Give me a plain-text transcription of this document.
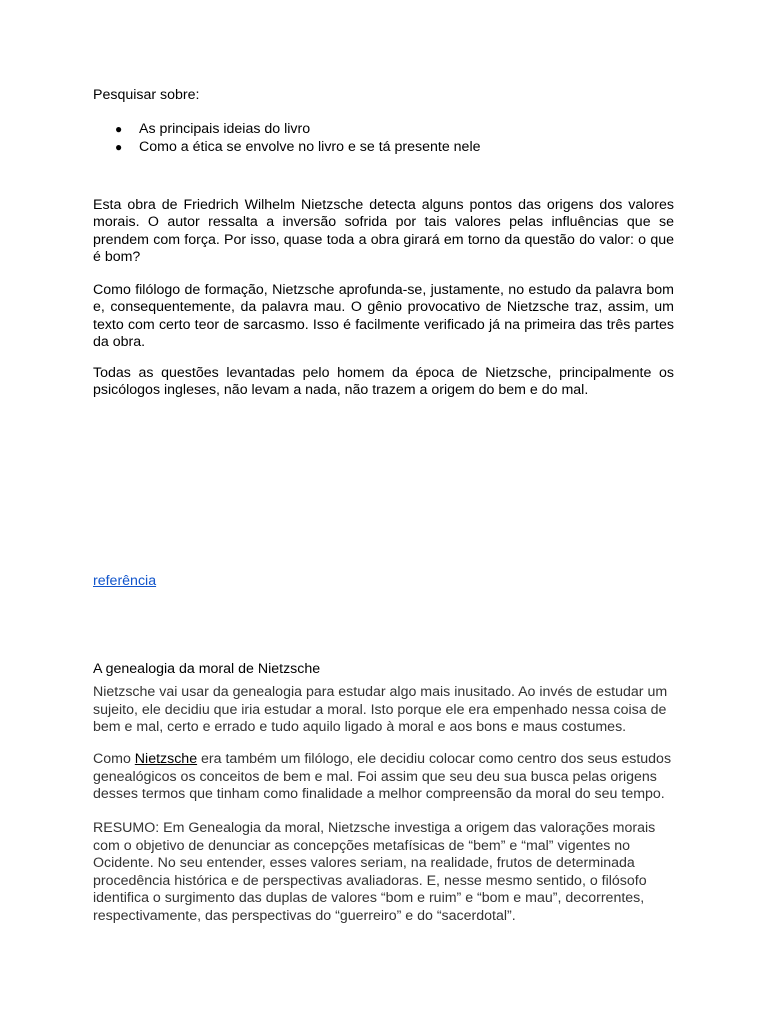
Pesquisar sobre:

● As principais ideias do livro
● Como a ética se envolve no livro e se tá presente nele

Esta obra de Friedrich Wilhelm Nietzsche detecta alguns pontos das origens dos valores morais. O autor ressalta a inversão sofrida por tais valores pelas influências que se prendem com força. Por isso, quase toda a obra girará em torno da questão do valor: o que é bom?

Como filólogo de formação, Nietzsche aprofunda-se, justamente, no estudo da palavra bom e, consequentemente, da palavra mau. O gênio provocativo de Nietzsche traz, assim, um texto com certo teor de sarcasmo. Isso é facilmente verificado já na primeira das três partes da obra.

Todas as questões levantadas pelo homem da época de Nietzsche, principalmente os psicólogos ingleses, não levam a nada, não trazem a origem do bem e do mal.

referência

A genealogia da moral de Nietzsche

Nietzsche vai usar da genealogia para estudar algo mais inusitado. Ao invés de estudar um sujeito, ele decidiu que iria estudar a moral. Isto porque ele era empenhado nessa coisa de bem e mal, certo e errado e tudo aquilo ligado à moral e aos bons e maus costumes.

Como Nietzsche era também um filólogo, ele decidiu colocar como centro dos seus estudos genealógicos os conceitos de bem e mal. Foi assim que seu deu sua busca pelas origens desses termos que tinham como finalidade a melhor compreensão da moral do seu tempo.

RESUMO: Em Genealogia da moral, Nietzsche investiga a origem das valorações morais com o objetivo de denunciar as concepções metafísicas de “bem” e “mal” vigentes no Ocidente. No seu entender, esses valores seriam, na realidade, frutos de determinada procedência histórica e de perspectivas avaliadoras. E, nesse mesmo sentido, o filósofo identifica o surgimento das duplas de valores “bom e ruim” e “bom e mau”, decorrentes, respectivamente, das perspectivas do “guerreiro” e do “sacerdotal”.
